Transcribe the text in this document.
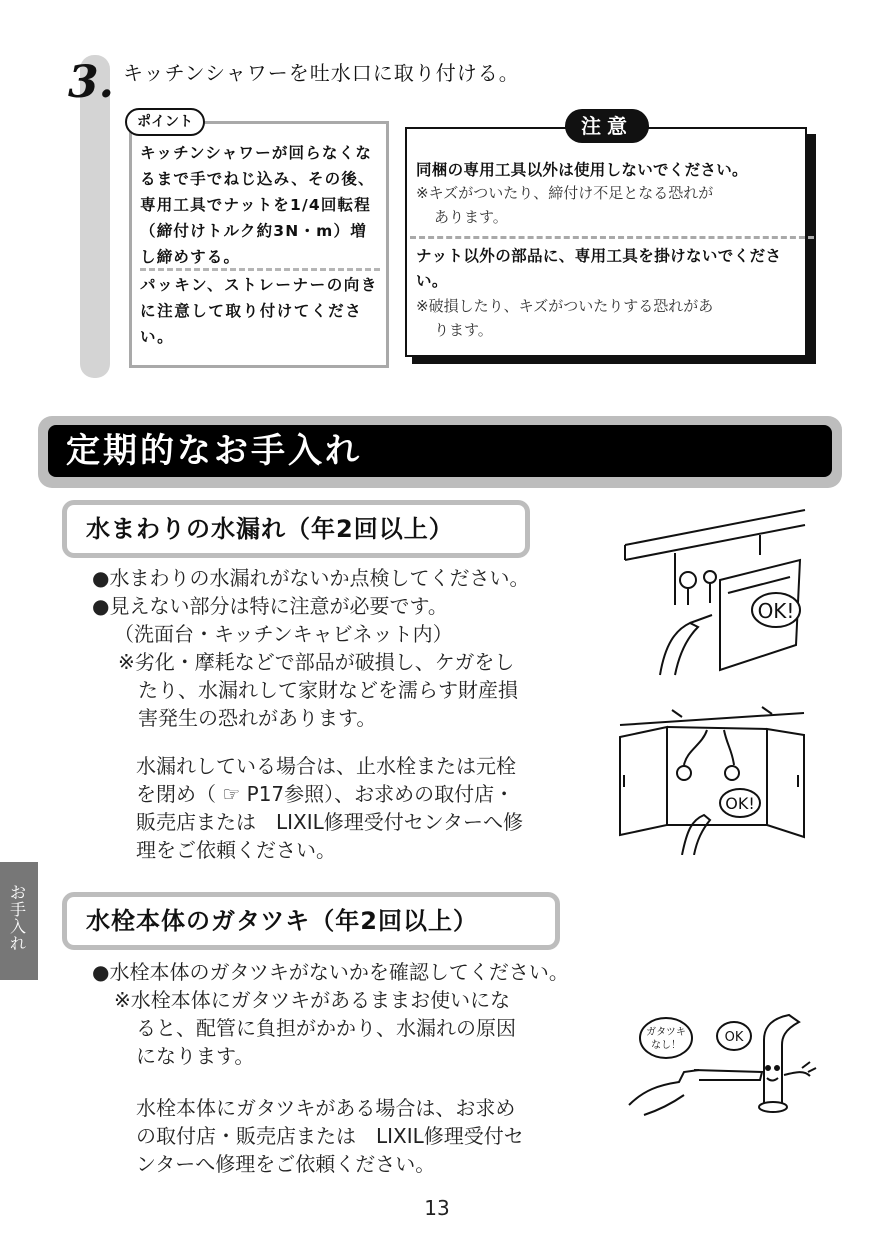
3. キッチンシャワーを吐水口に取り付ける。
ポイント
キッチンシャワーが回らなくなるまで手でねじ込み、その後、専用工具でナットを1/4回転程（締付けトルク約3N・m）増し締めする。
パッキン、ストレーナーの向きに注意して取り付けてください。
注意
同梱の専用工具以外は使用しないでください。
※キズがついたり、締付け不足となる恐れが
あります。
ナット以外の部品に、専用工具を掛けないでください。
※破損したり、キズがついたりする恐れがあ
ります。
定期的なお手入れ
水まわりの水漏れ（年2回以上）
●水まわりの水漏れがないか点検してください。
●見えない部分は特に注意が必要です。
（洗面台・キッチンキャビネット内）
※劣化・摩耗などで部品が破損し、ケガをし
たり、水漏れして家財などを濡らす財産損
害発生の恐れがあります。
水漏れしている場合は、止水栓または元栓
を閉め（ ☞ P17参照）、お求めの取付店・
販売店または　LIXIL修理受付センターへ修
理をご依頼ください。
OK!
OK!
お手入れ
水栓本体のガタツキ（年2回以上）
●水栓本体のガタツキがないかを確認してください。
※水栓本体にガタツキがあるままお使いにな
ると、配管に負担がかかり、水漏れの原因
になります。
水栓本体にガタツキがある場合は、お求め
の取付店・販売店または　LIXIL修理受付セ
ンターへ修理をご依頼ください。
ガタツキ
なし！
OK
13
